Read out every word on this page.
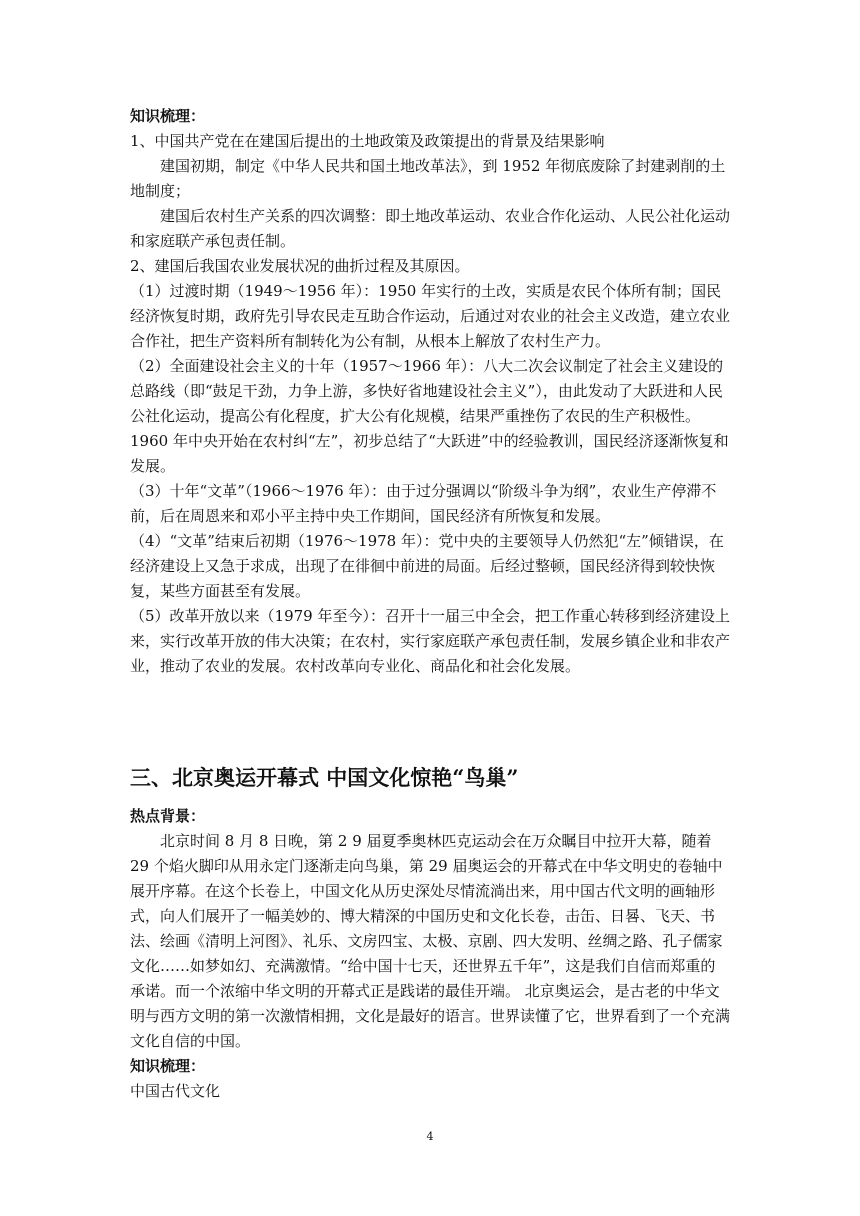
知识梳理：

1、中国共产党在在建国后提出的土地政策及政策提出的背景及结果影响

建国初期，制定《中华人民共和国土地改革法》，到 1952 年彻底废除了封建剥削的土地制度；

建国后农村生产关系的四次调整：即土地改革运动、农业合作化运动、人民公社化运动和家庭联产承包责任制。

2、建国后我国农业发展状况的曲折过程及其原因。

（1）过渡时期（1949～1956 年）：1950 年实行的土改，实质是农民个体所有制；国民经济恢复时期，政府先引导农民走互助合作运动，后通过对农业的社会主义改造，建立农业合作社，把生产资料所有制转化为公有制，从根本上解放了农村生产力。

（2）全面建设社会主义的十年（1957～1966 年）：八大二次会议制定了社会主义建设的总路线（即“鼓足干劲，力争上游，多快好省地建设社会主义”），由此发动了大跃进和人民公社化运动，提高公有化程度，扩大公有化规模，结果严重挫伤了农民的生产积极性。1960 年中央开始在农村纠“左”，初步总结了“大跃进”中的经验教训，国民经济逐渐恢复和发展。

（3）十年“文革”（1966～1976 年）：由于过分强调以“阶级斗争为纲”，农业生产停滞不前，后在周恩来和邓小平主持中央工作期间，国民经济有所恢复和发展。

（4）“文革”结束后初期（1976～1978 年）：党中央的主要领导人仍然犯“左”倾错误，在经济建设上又急于求成，出现了在徘徊中前进的局面。后经过整顿，国民经济得到较快恢复，某些方面甚至有发展。

（5）改革开放以来（1979 年至今）：召开十一届三中全会，把工作重心转移到经济建设上来，实行改革开放的伟大决策；在农村，实行家庭联产承包责任制，发展乡镇企业和非农产业，推动了农业的发展。农村改革向专业化、商品化和社会化发展。

三、北京奥运开幕式 中国文化惊艳“鸟巢”

热点背景：

北京时间 8 月 8 日晚，第 2 9 届夏季奥林匹克运动会在万众瞩目中拉开大幕，随着 29 个焰火脚印从用永定门逐渐走向鸟巢，第 29 届奥运会的开幕式在中华文明史的卷轴中展开序幕。在这个长卷上，中国文化从历史深处尽情流淌出来，用中国古代文明的画轴形式，向人们展开了一幅美妙的、博大精深的中国历史和文化长卷，击缶、日晷、飞天、书法、绘画《清明上河图》、礼乐、文房四宝、太极、京剧、四大发明、丝绸之路、孔子儒家文化……如梦如幻、充满激情。“给中国十七天，还世界五千年”，这是我们自信而郑重的承诺。而一个浓缩中华文明的开幕式正是践诺的最佳开端。 北京奥运会，是古老的中华文明与西方文明的第一次激情相拥，文化是最好的语言。世界读懂了它，世界看到了一个充满文化自信的中国。

知识梳理：

中国古代文化

4
